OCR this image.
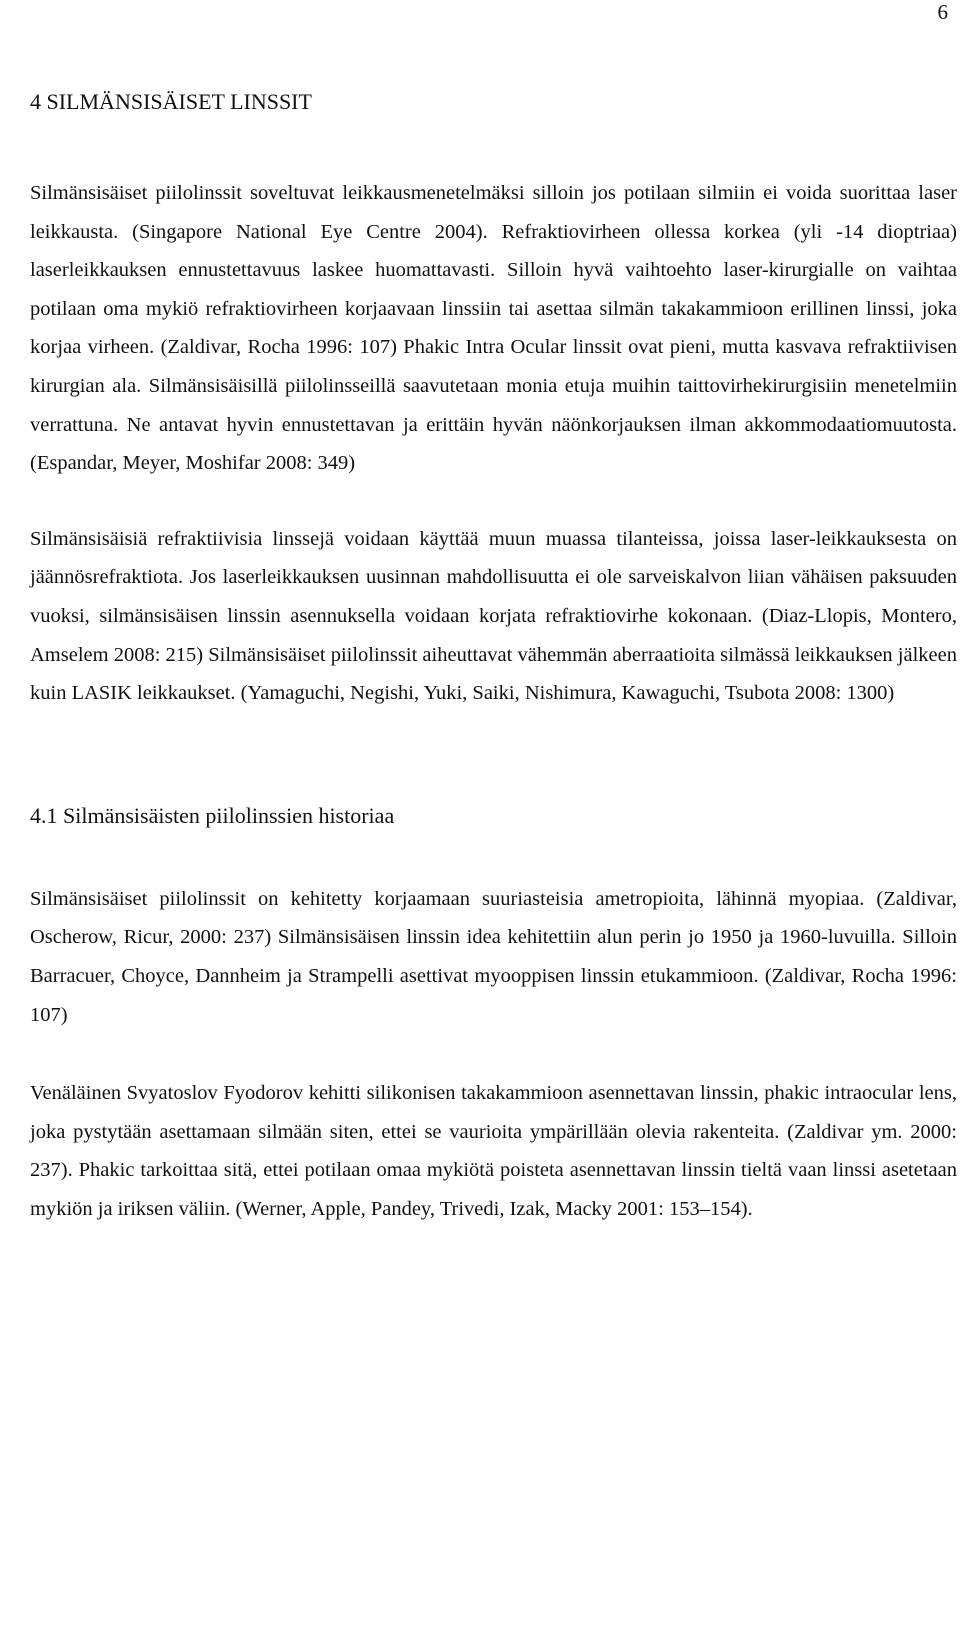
6
4 SILMÄNSISÄISET LINSSIT

Silmänsisäiset piilolinssit soveltuvat leikkausmenetelmäksi silloin jos potilaan silmiin ei voida suorittaa laser leikkausta. (Singapore National Eye Centre 2004). Refraktiovirheen ollessa korkea (yli -14 dioptriaa) laserleikkauksen ennustettavuus laskee huomattavasti. Silloin hyvä vaihtoehto laser-kirurgialle on vaihtaa potilaan oma mykiö refraktiovirheen korjaavaan linssiin tai asettaa silmän takakammioon erillinen linssi, joka korjaa virheen. (Zaldivar, Rocha 1996: 107) Phakic Intra Ocular linssit ovat pieni, mutta kasvava refraktiivisen kirurgian ala. Silmänsisäisillä piilolinsseillä saavutetaan monia etuja muihin taittovirhekirurgisiin menetelmiin verrattuna. Ne antavat hyvin ennustettavan ja erittäin hyvän näönkorjauksen ilman akkommodaatiomuutosta. (Espandar, Meyer, Moshifar 2008: 349)

Silmänsisäisiä refraktiivisia linssejä voidaan käyttää muun muassa tilanteissa, joissa laser-leikkauksesta on jäännösrefraktiota. Jos laserleikkauksen uusinnan mahdollisuutta ei ole sarveiskalvon liian vähäisen paksuuden vuoksi, silmänsisäisen linssin asennuksella voidaan korjata refraktiovirhe kokonaan. (Diaz-Llopis, Montero, Amselem 2008: 215) Silmänsisäiset piilolinssit aiheuttavat vähemmän aberraatioita silmässä leikkauksen jälkeen kuin LASIK leikkaukset. (Yamaguchi, Negishi, Yuki, Saiki, Nishimura, Kawaguchi, Tsubota 2008: 1300)

4.1 Silmänsisäisten piilolinssien historiaa

Silmänsisäiset piilolinssit on kehitetty korjaamaan suuriasteisia ametropioita, lähinnä myopiaa. (Zaldivar, Oscherow, Ricur, 2000: 237) Silmänsisäisen linssin idea kehitettiin alun perin jo 1950 ja 1960-luvuilla. Silloin Barracuer, Choyce, Dannheim ja Strampelli asettivat myooppisen linssin etukammioon. (Zaldivar, Rocha 1996: 107)

Venäläinen Svyatoslov Fyodorov kehitti silikonisen takakammioon asennettavan linssin, phakic intraocular lens, joka pystytään asettamaan silmään siten, ettei se vaurioita ympärillään olevia rakenteita. (Zaldivar ym. 2000: 237). Phakic tarkoittaa sitä, ettei potilaan omaa mykiötä poisteta asennettavan linssin tieltä vaan linssi asetetaan mykiön ja iriksen väliin. (Werner, Apple, Pandey, Trivedi, Izak, Macky 2001: 153–154).
